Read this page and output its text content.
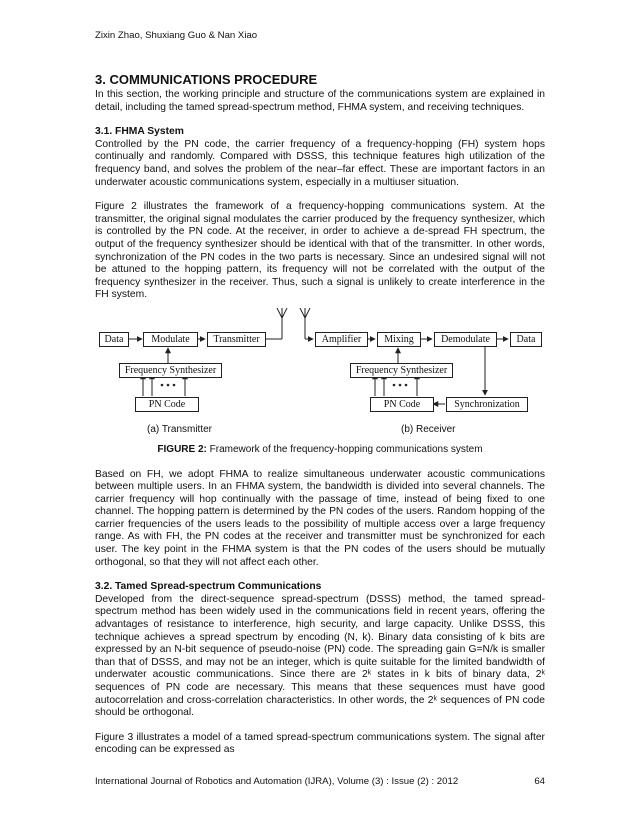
Zixin Zhao, Shuxiang Guo & Nan Xiao
3. COMMUNICATIONS PROCEDURE

In this section, the working principle and structure of the communications system are explained in detail, including the tamed spread-spectrum method, FHMA system, and receiving techniques.

3.1. FHMA System

Controlled by the PN code, the carrier frequency of a frequency-hopping (FH) system hops continually and randomly. Compared with DSSS, this technique features high utilization of the frequency band, and solves the problem of the near–far effect. These are important factors in an underwater acoustic communications system, especially in a multiuser situation.

Figure 2 illustrates the framework of a frequency-hopping communications system. At the transmitter, the original signal modulates the carrier produced by the frequency synthesizer, which is controlled by the PN code. At the receiver, in order to achieve a de-spread FH spectrum, the output of the frequency synthesizer should be identical with that of the transmitter. In other words, synchronization of the PN codes in the two parts is necessary. Since an undesired signal will not be attuned to the hopping pattern, its frequency will not be correlated with the output of the frequency synthesizer in the receiver. Thus, such a signal is unlikely to create interference in the FH system.

Data	Modulate	Transmitter
Frequency Synthesizer
PN Code
Amplifier	Mixing	Demodulate	Data
Frequency Synthesizer
PN Code	Synchronization
(a) Transmitter	(b) Receiver
FIGURE 2: Framework of the frequency-hopping communications system

Based on FH, we adopt FHMA to realize simultaneous underwater acoustic communications between multiple users. In an FHMA system, the bandwidth is divided into several channels. The carrier frequency will hop continually with the passage of time, instead of being fixed to one channel. The hopping pattern is determined by the PN codes of the users. Random hopping of the carrier frequencies of the users leads to the possibility of multiple access over a large frequency range. As with FH, the PN codes at the receiver and transmitter must be synchronized for each user. The key point in the FHMA system is that the PN codes of the users should be mutually orthogonal, so that they will not affect each other.

3.2. Tamed Spread-spectrum Communications

Developed from the direct-sequence spread-spectrum (DSSS) method, the tamed spread-spectrum method has been widely used in the communications field in recent years, offering the advantages of resistance to interference, high security, and large capacity. Unlike DSSS, this technique achieves a spread spectrum by encoding (N, k). Binary data consisting of k bits are expressed by an N-bit sequence of pseudo-noise (PN) code. The spreading gain G=N/k is smaller than that of DSSS, and may not be an integer, which is quite suitable for the limited bandwidth of underwater acoustic communications. Since there are 2ᵏ states in k bits of binary data, 2ᵏ sequences of PN code are necessary. This means that these sequences must have good autocorrelation and cross-correlation characteristics. In other words, the 2ᵏ sequences of PN code should be orthogonal.

Figure 3 illustrates a model of a tamed spread-spectrum communications system. The signal after encoding can be expressed as

International Journal of Robotics and Automation (IJRA), Volume (3) : Issue (2) : 2012	64
